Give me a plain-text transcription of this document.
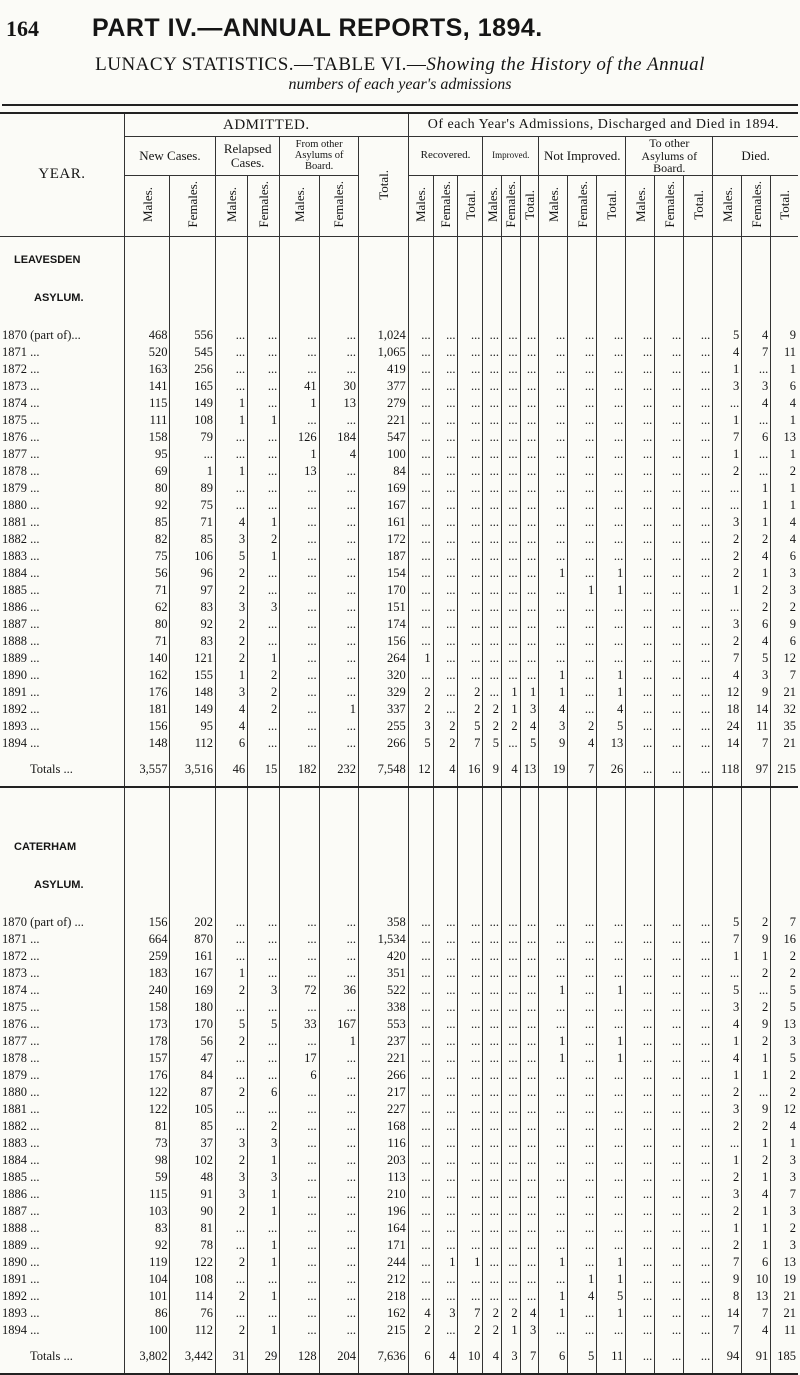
164 PART IV.—ANNUAL REPORTS, 1894.
LUNACY STATISTICS.—TABLE VI.—Showing the History of the Annual
numbers of each year's admissions
YEAR.	ADMITTED.							Of each Year's Admissions, Discharged and Died in 1894.														
	New Cases.		Relapsed Cases.		From other Asylums of Board.		Total.	Recovered.			Improved.			Not Improved.			To other Asylums of Board.			Died.		
	Males.	Females.	Males.	Females.	Males.	Females.		Males.	Females.	Total.	Males.	Females.	Total.	Males.	Females.	Total.	Males.	Females.	Total.	Males.	Females.	Total.
LEAVESDEN																						
ASYLUM.																						

1870 (part of)...	468	556	...	...	...	...	1,024	...	...	...	...	...	...	...	...	...	...	...	...	5	4	9
1871 ...	520	545	...	...	...	...	1,065	...	...	...	...	...	...	...	...	...	...	...	...	4	7	11
1872 ...	163	256	...	...	...	...	419	...	...	...	...	...	...	...	...	...	...	...	...	1	...	1
1873 ...	141	165	...	...	41	30	377	...	...	...	...	...	...	...	...	...	...	...	...	3	3	6
1874 ...	115	149	1	...	1	13	279	...	...	...	...	...	...	...	...	...	...	...	...	...	4	4
1875 ...	111	108	1	1	...	...	221	...	...	...	...	...	...	...	...	...	...	...	...	1	...	1
1876 ...	158	79	...	...	126	184	547	...	...	...	...	...	...	...	...	...	...	...	...	7	6	13
1877 ...	95	...	...	...	1	4	100	...	...	...	...	...	...	...	...	...	...	...	...	1	...	1
1878 ...	69	1	1	...	13	...	84	...	...	...	...	...	...	...	...	...	...	...	...	2	...	2
1879 ...	80	89	...	...	...	...	169	...	...	...	...	...	...	...	...	...	...	...	...	...	1	1
1880 ...	92	75	...	...	...	...	167	...	...	...	...	...	...	...	...	...	...	...	...	...	1	1
1881 ...	85	71	4	1	...	...	161	...	...	...	...	...	...	...	...	...	...	...	...	3	1	4
1882 ...	82	85	3	2	...	...	172	...	...	...	...	...	...	...	...	...	...	...	...	2	2	4
1883 ...	75	106	5	1	...	...	187	...	...	...	...	...	...	...	...	...	...	...	...	2	4	6
1884 ...	56	96	2	...	...	...	154	...	...	...	...	...	...	1	...	1	...	...	...	2	1	3
1885 ...	71	97	2	...	...	...	170	...	...	...	...	...	...	...	1	1	...	...	...	1	2	3
1886 ...	62	83	3	3	...	...	151	...	...	...	...	...	...	...	...	...	...	...	...	...	2	2
1887 ...	80	92	2	...	...	...	174	...	...	...	...	...	...	...	...	...	...	...	...	3	6	9
1888 ...	71	83	2	...	...	...	156	...	...	...	...	...	...	...	...	...	...	...	...	2	4	6
1889 ...	140	121	2	1	...	...	264	1	...	...	...	...	...	...	...	...	...	...	...	7	5	12
1890 ...	162	155	1	2	...	...	320	...	...	...	...	...	...	1	...	1	...	...	...	4	3	7
1891 ...	176	148	3	2	...	...	329	2	...	2	...	1	1	1	...	1	...	...	...	12	9	21
1892 ...	181	149	4	2	...	1	337	2	...	2	2	1	3	4	...	4	...	...	...	18	14	32
1893 ...	156	95	4	...	...	...	255	3	2	5	2	2	4	3	2	5	...	...	...	24	11	35
1894 ...	148	112	6	...	...	...	266	5	2	7	5	...	5	9	4	13	...	...	...	14	7	21
Totals ...	3,557	3,516	46	15	182	232	7,548	12	4	16	9	4	13	19	7	26	...	...	...	118	97	215

CATERHAM																						
ASYLUM.																						

1870 (part of) ...	156	202	...	...	...	...	358	...	...	...	...	...	...	...	...	...	...	...	...	5	2	7
1871 ...	664	870	...	...	...	...	1,534	...	...	...	...	...	...	...	...	...	...	...	...	7	9	16
1872 ...	259	161	...	...	...	...	420	...	...	...	...	...	...	...	...	...	...	...	...	1	1	2
1873 ...	183	167	1	...	...	...	351	...	...	...	...	...	...	...	...	...	...	...	...	...	2	2
1874 ...	240	169	2	3	72	36	522	...	...	...	...	...	...	1	...	1	...	...	...	5	...	5
1875 ...	158	180	...	...	...	...	338	...	...	...	...	...	...	...	...	...	...	...	...	3	2	5
1876 ...	173	170	5	5	33	167	553	...	...	...	...	...	...	...	...	...	...	...	...	4	9	13
1877 ...	178	56	2	...	...	1	237	...	...	...	...	...	...	1	...	1	...	...	...	1	2	3
1878 ...	157	47	...	...	17	...	221	...	...	...	...	...	...	1	...	1	...	...	...	4	1	5
1879 ...	176	84	...	...	6	...	266	...	...	...	...	...	...	...	...	...	...	...	...	1	1	2
1880 ...	122	87	2	6	...	...	217	...	...	...	...	...	...	...	...	...	...	...	...	2	...	2
1881 ...	122	105	...	...	...	...	227	...	...	...	...	...	...	...	...	...	...	...	...	3	9	12
1882 ...	81	85	...	2	...	...	168	...	...	...	...	...	...	...	...	...	...	...	...	2	2	4
1883 ...	73	37	3	3	...	...	116	...	...	...	...	...	...	...	...	...	...	...	...	...	1	1
1884 ...	98	102	2	1	...	...	203	...	...	...	...	...	...	...	...	...	...	...	...	1	2	3
1885 ...	59	48	3	3	...	...	113	...	...	...	...	...	...	...	...	...	...	...	...	2	1	3
1886 ...	115	91	3	1	...	...	210	...	...	...	...	...	...	...	...	...	...	...	...	3	4	7
1887 ...	103	90	2	1	...	...	196	...	...	...	...	...	...	...	...	...	...	...	...	2	1	3
1888 ...	83	81	...	...	...	...	164	...	...	...	...	...	...	...	...	...	...	...	...	1	1	2
1889 ...	92	78	...	1	...	...	171	...	...	...	...	...	...	...	...	...	...	...	...	2	1	3
1890 ...	119	122	2	1	...	...	244	...	1	1	...	...	...	1	...	1	...	...	...	7	6	13
1891 ...	104	108	...	...	...	...	212	...	...	...	...	...	...	...	1	1	...	...	...	9	10	19
1892 ...	101	114	2	1	...	...	218	...	...	...	...	...	...	1	4	5	...	...	...	8	13	21
1893 ...	86	76	...	...	...	...	162	4	3	7	2	2	4	1	...	1	...	...	...	14	7	21
1894 ...	100	112	2	1	...	...	215	2	...	2	2	1	3	...	...	...	...	...	...	7	4	11
Totals ...	3,802	3,442	31	29	128	204	7,636	6	4	10	4	3	7	6	5	11	...	...	...	94	91	185
